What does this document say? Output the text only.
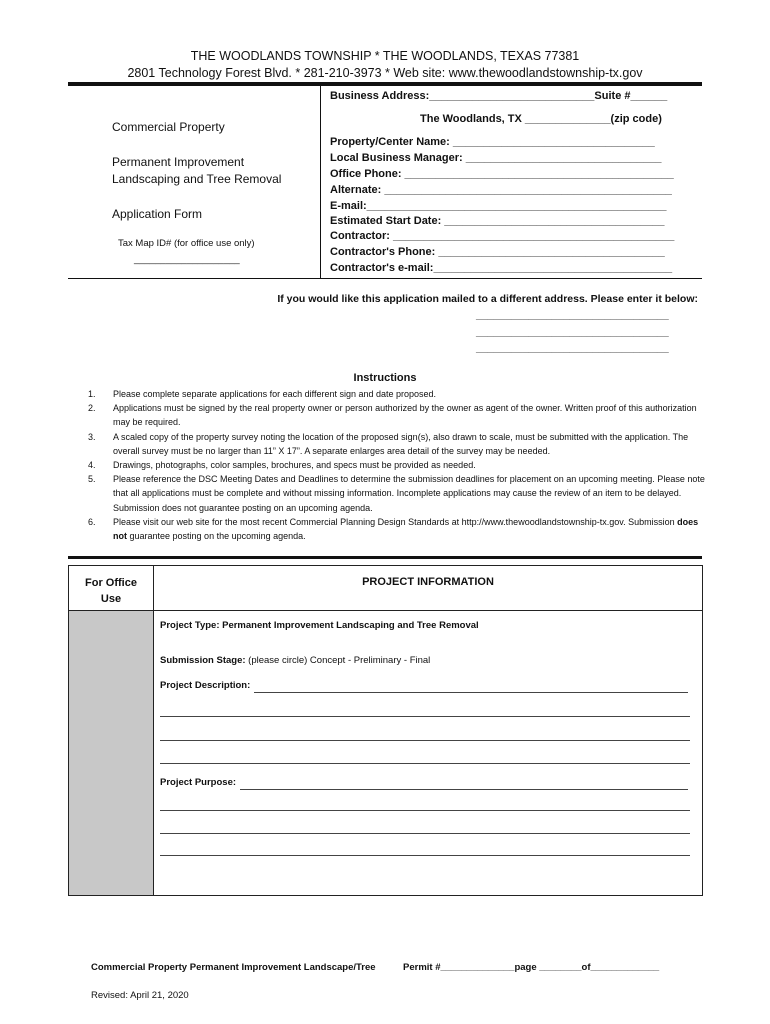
THE WOODLANDS TOWNSHIP * THE WOODLANDS, TEXAS 77381
2801 Technology Forest Blvd. * 281-210-3973 * Web site: www.thewoodlandstownship-tx.gov
Commercial Property
Permanent Improvement
Landscaping and Tree Removal
Application Form
Tax Map ID# (for office use only)
____________________
Business Address:___________________________Suite #______
The Woodlands, TX ______________(zip code)
Property/Center Name: _________________________________
Local Business Manager: ________________________________
Office Phone: ____________________________________________
Alternate: _______________________________________________
E-mail:_________________________________________________
Estimated Start Date: ____________________________________
Contractor: ______________________________________________
Contractor's Phone: _____________________________________
Contractor's e-mail:_______________________________________
If you would like this application mailed to a different address. Please enter it below:
_________________________________
_________________________________
_________________________________
Instructions
1. Please complete separate applications for each different sign and date proposed.
2. Applications must be signed by the real property owner or person authorized by the owner as agent of the owner. Written proof of this authorization may be required.
3. A scaled copy of the property survey noting the location of the proposed sign(s), also drawn to scale, must be submitted with the application. The overall survey must be no larger than 11” X 17”. A separate enlarges area detail of the survey may be needed.
4. Drawings, photographs, color samples, brochures, and specs must be provided as needed.
5. Please reference the DSC Meeting Dates and Deadlines to determine the submission deadlines for placement on an upcoming meeting. Please note that all applications must be complete and without missing information. Incomplete applications may cause the review of an item to be delayed. Submission does not guarantee posting on an upcoming agenda.
6. Please visit our web site for the most recent Commercial Planning Design Standards at http://www.thewoodlandstownship-tx.gov. Submission does not guarantee posting on the upcoming agenda.
For Office Use
PROJECT INFORMATION
Project Type: Permanent Improvement Landscaping and Tree Removal
Submission Stage: (please circle) Concept - Preliminary - Final
Project Description:
Project Purpose:
Commercial Property Permanent Improvement Landscape/Tree	Permit #______________page ________of_____________
Revised: April 21, 2020
